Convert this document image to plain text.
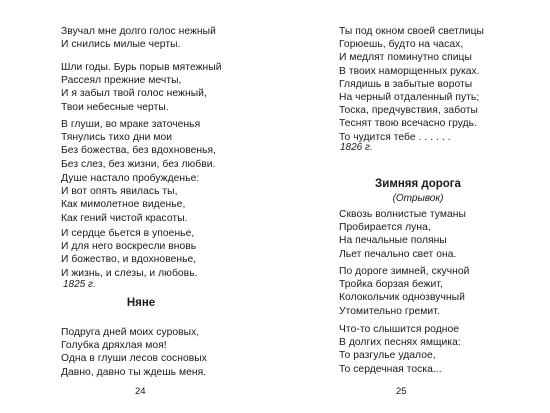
Звучал мне долго голос нежный
И снились милые черты.
Шли годы. Бурь порыв мятежный
Рассеял прежние мечты,
И я забыл твой голос нежный,
Твои небесные черты.
В глуши, во мраке заточенья
Тянулись тихо дни мои
Без божества, без вдохновенья,
Без слез, без жизни, без любви.
Душе настало пробужденье:
И вот опять явилась ты,
Как мимолетное виденье,
Как гений чистой красоты.
И сердце бьется в упоенье,
И для него воскресли вновь
И божество, и вдохновенье,
И жизнь, и слезы, и любовь.
1825 г.
Няне
Подруга дней моих суровых,
Голубка дряхлая моя!
Одна в глуши лесов сосновых
Давно, давно ты ждешь меня.
24
Ты под окном своей светлицы
Горюешь, будто на часах,
И медлят поминутно спицы
В твоих наморщенных руках.
Глядишь в забытые вороты
На черный отдаленный путь;
Тоска, предчувствия, заботы
Теснят твою всечасно грудь.
То чудится тебе . . . . . .
1826 г.
Зимняя дорога
(Отрывок)
Сквозь волнистые туманы
Пробирается луна,
На печальные поляны
Льет печально свет она.
По дороге зимней, скучной
Тройка борзая бежит,
Колокольчик однозвучный
Утомительно гремит.
Что-то слышится родное
В долгих песнях ямщика:
То разгулье удалое,
То сердечная тоска...
25
